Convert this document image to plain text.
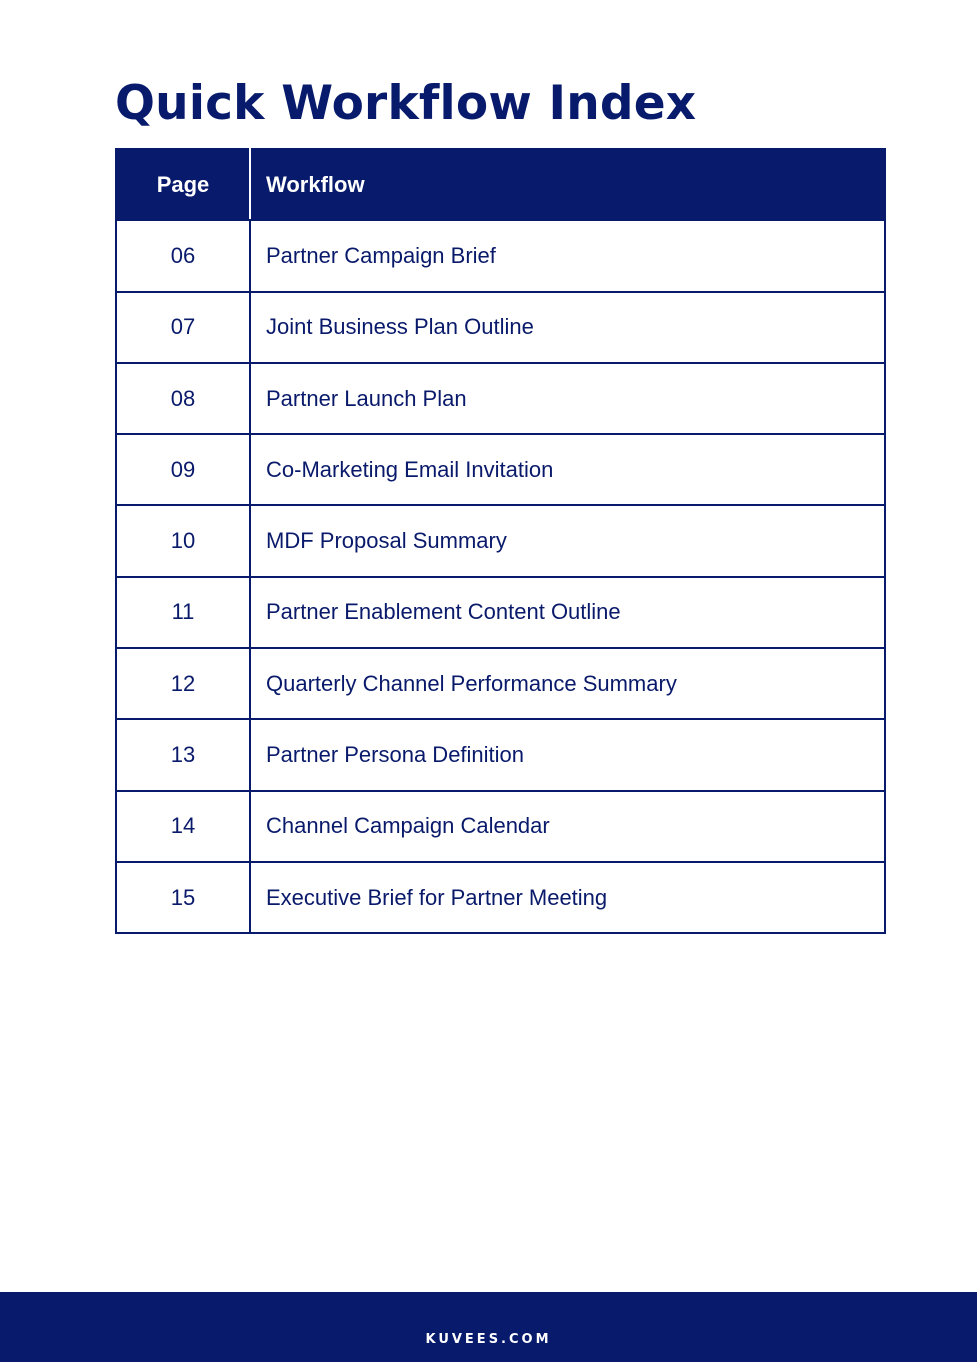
Quick Workflow Index
Page	Workflow
06	Partner Campaign Brief
07	Joint Business Plan Outline
08	Partner Launch Plan
09	Co-Marketing Email Invitation
10	MDF Proposal Summary
11	Partner Enablement Content Outline
12	Quarterly Channel Performance Summary
13	Partner Persona Definition
14	Channel Campaign Calendar
15	Executive Brief for Partner Meeting
KUVEES.COM
